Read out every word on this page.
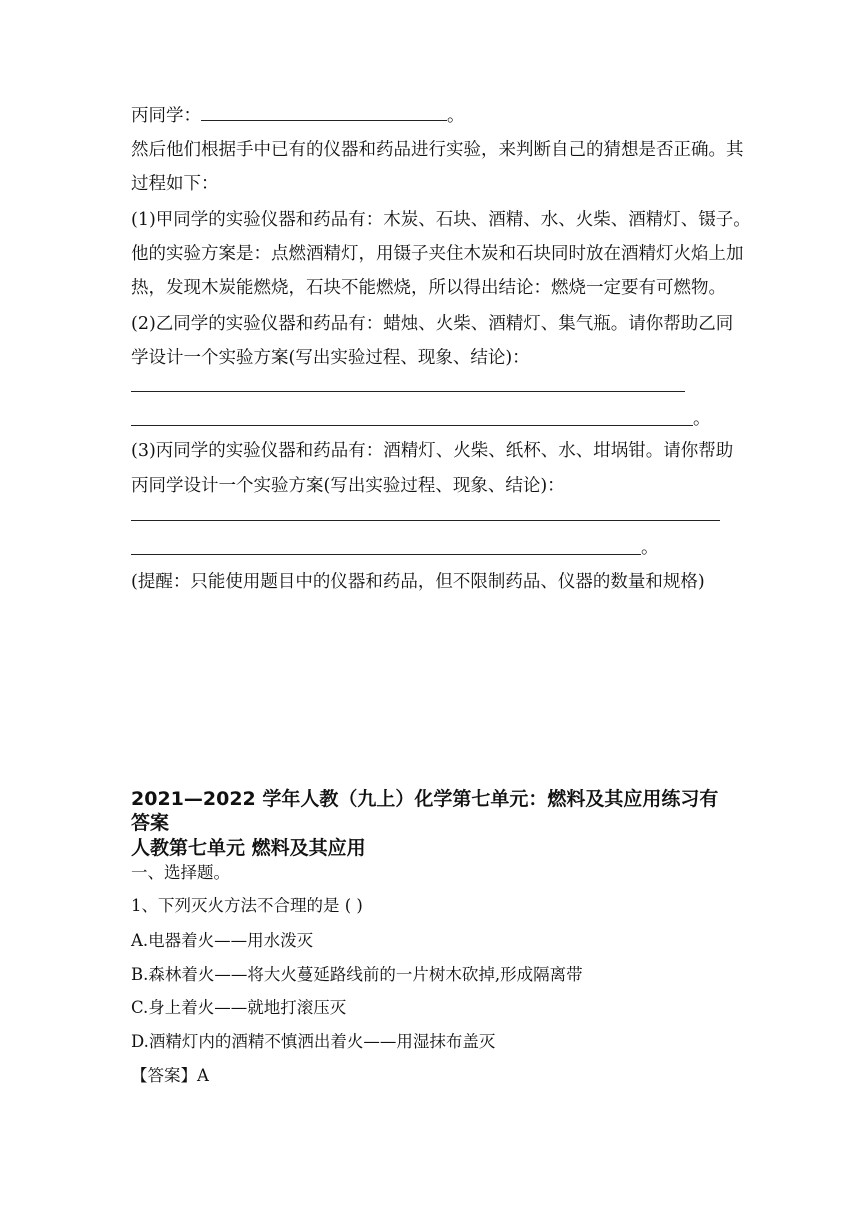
丙同学：	。
然后他们根据手中已有的仪器和药品进行实验，来判断自己的猜想是否正确。其
过程如下：
(1)甲同学的实验仪器和药品有：木炭、石块、酒精、水、火柴、酒精灯、镊子。
他的实验方案是：点燃酒精灯，用镊子夹住木炭和石块同时放在酒精灯火焰上加
热，发现木炭能燃烧，石块不能燃烧，所以得出结论：燃烧一定要有可燃物。
(2)乙同学的实验仪器和药品有：蜡烛、火柴、酒精灯、集气瓶。请你帮助乙同
学设计一个实验方案(写出实验过程、现象、结论)：
。
(3)丙同学的实验仪器和药品有：酒精灯、火柴、纸杯、水、坩埚钳。请你帮助
丙同学设计一个实验方案(写出实验过程、现象、结论)：
。
(提醒：只能使用题目中的仪器和药品，但不限制药品、仪器的数量和规格)
2021—2022 学年人教（九上）化学第七单元：燃料及其应用练习有
答案
人教第七单元 燃料及其应用
一、选择题。
1、下列灭火方法不合理的是 ( )
A.电器着火——用水泼灭
B.森林着火——将大火蔓延路线前的一片树木砍掉,形成隔离带
C.身上着火——就地打滚压灭
D.酒精灯内的酒精不慎洒出着火——用湿抹布盖灭
【答案】A
